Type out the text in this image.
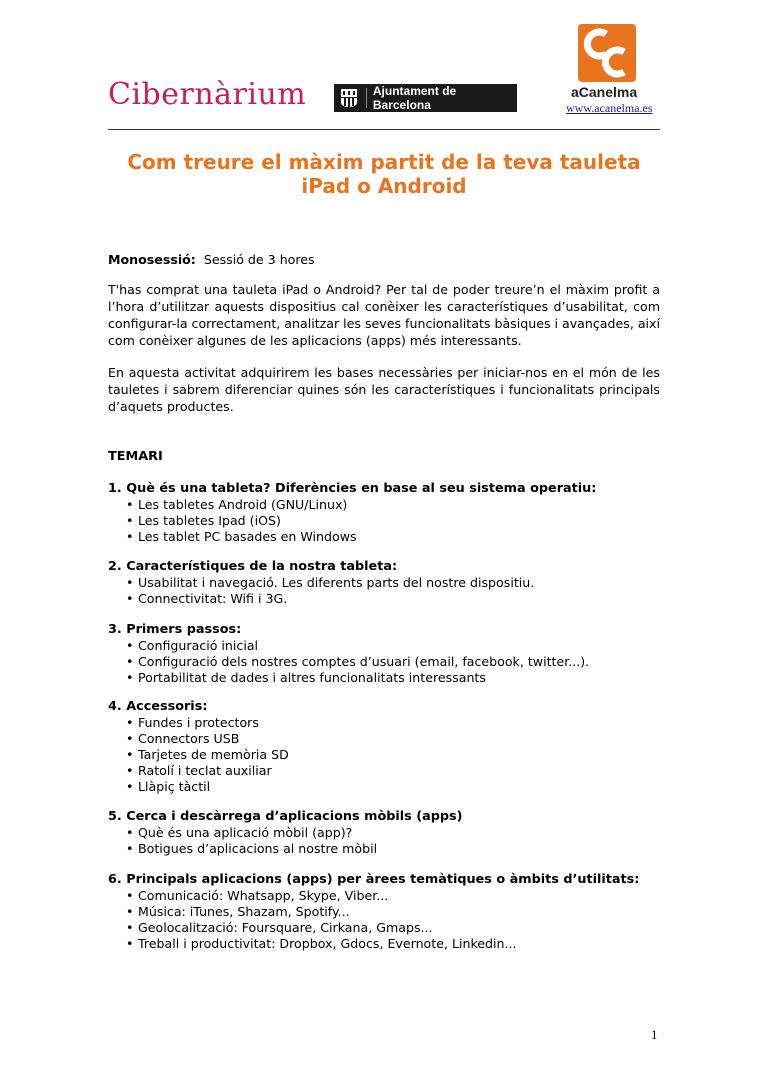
Cibernàrium	Ajuntament de Barcelona
aCanelma
www.acanelma.es
Com treure el màxim partit de la teva tauleta
iPad o Android
Monosessió: Sessió de 3 hores
T'has comprat una tauleta iPad o Android? Per tal de poder treure’n el màxim profit a l’hora d’utilitzar aquests dispositius cal conèixer les característiques d’usabilitat, com configurar-la correctament, analitzar les seves funcionalitats bàsiques i avançades, així com conèixer algunes de les aplicacions (apps) més interessants.
En aquesta activitat adquirirem les bases necessàries per iniciar-nos en el món de les tauletes i sabrem diferenciar quines són les característiques i funcionalitats principals d’aquets productes.
TEMARI
1. Què és una tableta? Diferències en base al seu sistema operatiu:
• Les tabletes Android (GNU/Linux)
• Les tabletes Ipad (iOS)
• Les tablet PC basades en Windows
2. Característiques de la nostra tableta:
• Usabilitat i navegació. Les diferents parts del nostre dispositiu.
• Connectivitat: Wifi i 3G.
3. Primers passos:
• Configuració inicial
• Configuració dels nostres comptes d’usuari (email, facebook, twitter...).
• Portabilitat de dades i altres funcionalitats interessants
4. Accessoris:
• Fundes i protectors
• Connectors USB
• Tarjetes de memòria SD
• Ratolí i teclat auxiliar
• Llàpiç tàctil
5. Cerca i descàrrega d’aplicacions mòbils (apps)
• Què és una aplicació mòbil (app)?
• Botigues d’aplicacions al nostre mòbil
6. Principals aplicacions (apps) per àrees temàtiques o àmbits d’utilitats:
• Comunicació: Whatsapp, Skype, Viber...
• Música: iTunes, Shazam, Spotify...
• Geolocalització: Foursquare, Cirkana, Gmaps...
• Treball i productivitat: Dropbox, Gdocs, Evernote, Linkedin...
1
